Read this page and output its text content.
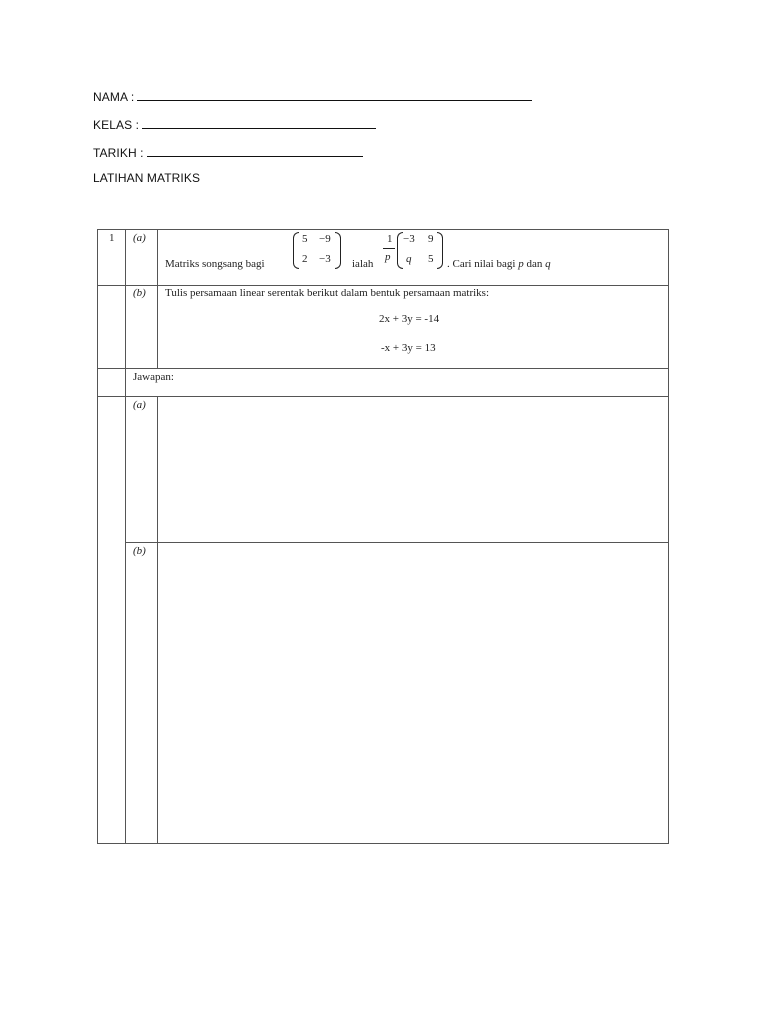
NAMA :
KELAS :
TARIKH :
LATIHAN MATRIKS
1 (a)
Matriks songsang bagi
5 −9
2 −3 ialah
1
p
−3 9
q 5 . Cari nilai bagi p dan q
(b) Tulis persamaan linear serentak berikut dalam bentuk persamaan matriks:
2x + 3y = -14
-x + 3y = 13
Jawapan:
(a)
(b)
